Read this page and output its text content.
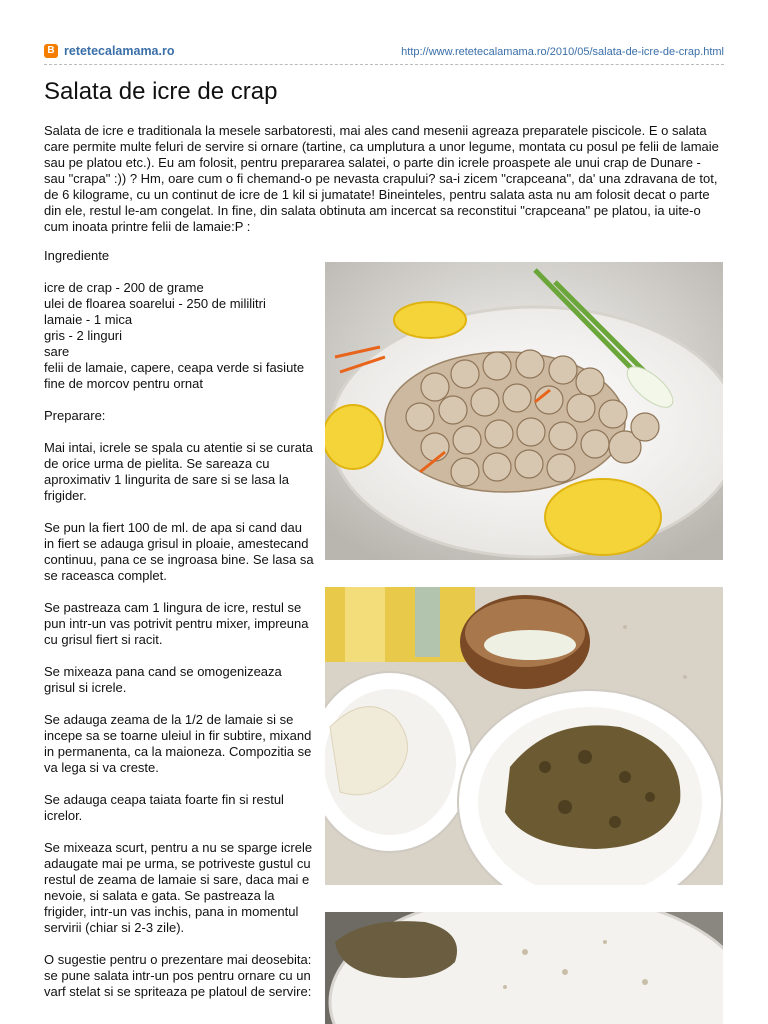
B retetecalamama.ro	http://www.retetecalamama.ro/2010/05/salata-de-icre-de-crap.html
Salata de icre de crap

Salata de icre e traditionala la mesele sarbatoresti, mai ales cand mesenii agreaza preparatele piscicole. E o salata care permite multe feluri de servire si ornare (tartine, ca umplutura a unor legume, montata cu posul pe felii de lamaie sau pe platou etc.). Eu am folosit, pentru prepararea salatei, o parte din icrele proaspete ale unui crap de Dunare - sau "crapa" :)) ? Hm, oare cum o fi chemand-o pe nevasta crapului? sa-i zicem "crapceana", da' una zdravana de tot, de 6 kilograme, cu un continut de icre de 1 kil si jumatate! Bineinteles, pentru salata asta nu am folosit decat o parte din ele, restul le-am congelat. In fine, din salata obtinuta am incercat sa reconstitui "crapceana" pe platou, ia uite-o cum inoata printre felii de lamaie:P :

Ingrediente

icre de crap - 200 de grame
ulei de floarea soarelui - 250 de mililitri
lamaie - 1 mica
gris - 2 linguri
sare
felii de lamaie, capere, ceapa verde si fasiute fine de morcov pentru ornat

Preparare:

Mai intai, icrele se spala cu atentie si se curata de orice urma de pielita. Se sareaza cu aproximativ 1 lingurita de sare si se lasa la frigider.

Se pun la fiert 100 de ml. de apa si cand dau in fiert se adauga grisul in ploaie, amestecand continuu, pana ce se ingroasa bine. Se lasa sa se raceasca complet.

Se pastreaza cam 1 lingura de icre, restul se pun intr-un vas potrivit pentru mixer, impreuna cu grisul fiert si racit.

Se mixeaza pana cand se omogenizeaza grisul si icrele.

Se adauga zeama de la 1/2 de lamaie si se incepe sa se toarne uleiul in fir subtire, mixand in permanenta, ca la maioneza. Compozitia se va lega si va creste.

Se adauga ceapa taiata foarte fin si restul icrelor.

Se mixeaza scurt, pentru a nu se sparge icrele adaugate mai pe urma, se potriveste gustul cu restul de zeama de lamaie si sare, daca mai e nevoie, si salata e gata. Se pastreaza la frigider, intr-un vas inchis, pana in momentul servirii (chiar si 2-3 zile).

O sugestie pentru o prezentare mai deosebita: se pune salata intr-un pos pentru ornare cu un varf stelat si se spriteaza pe platoul de servire:
